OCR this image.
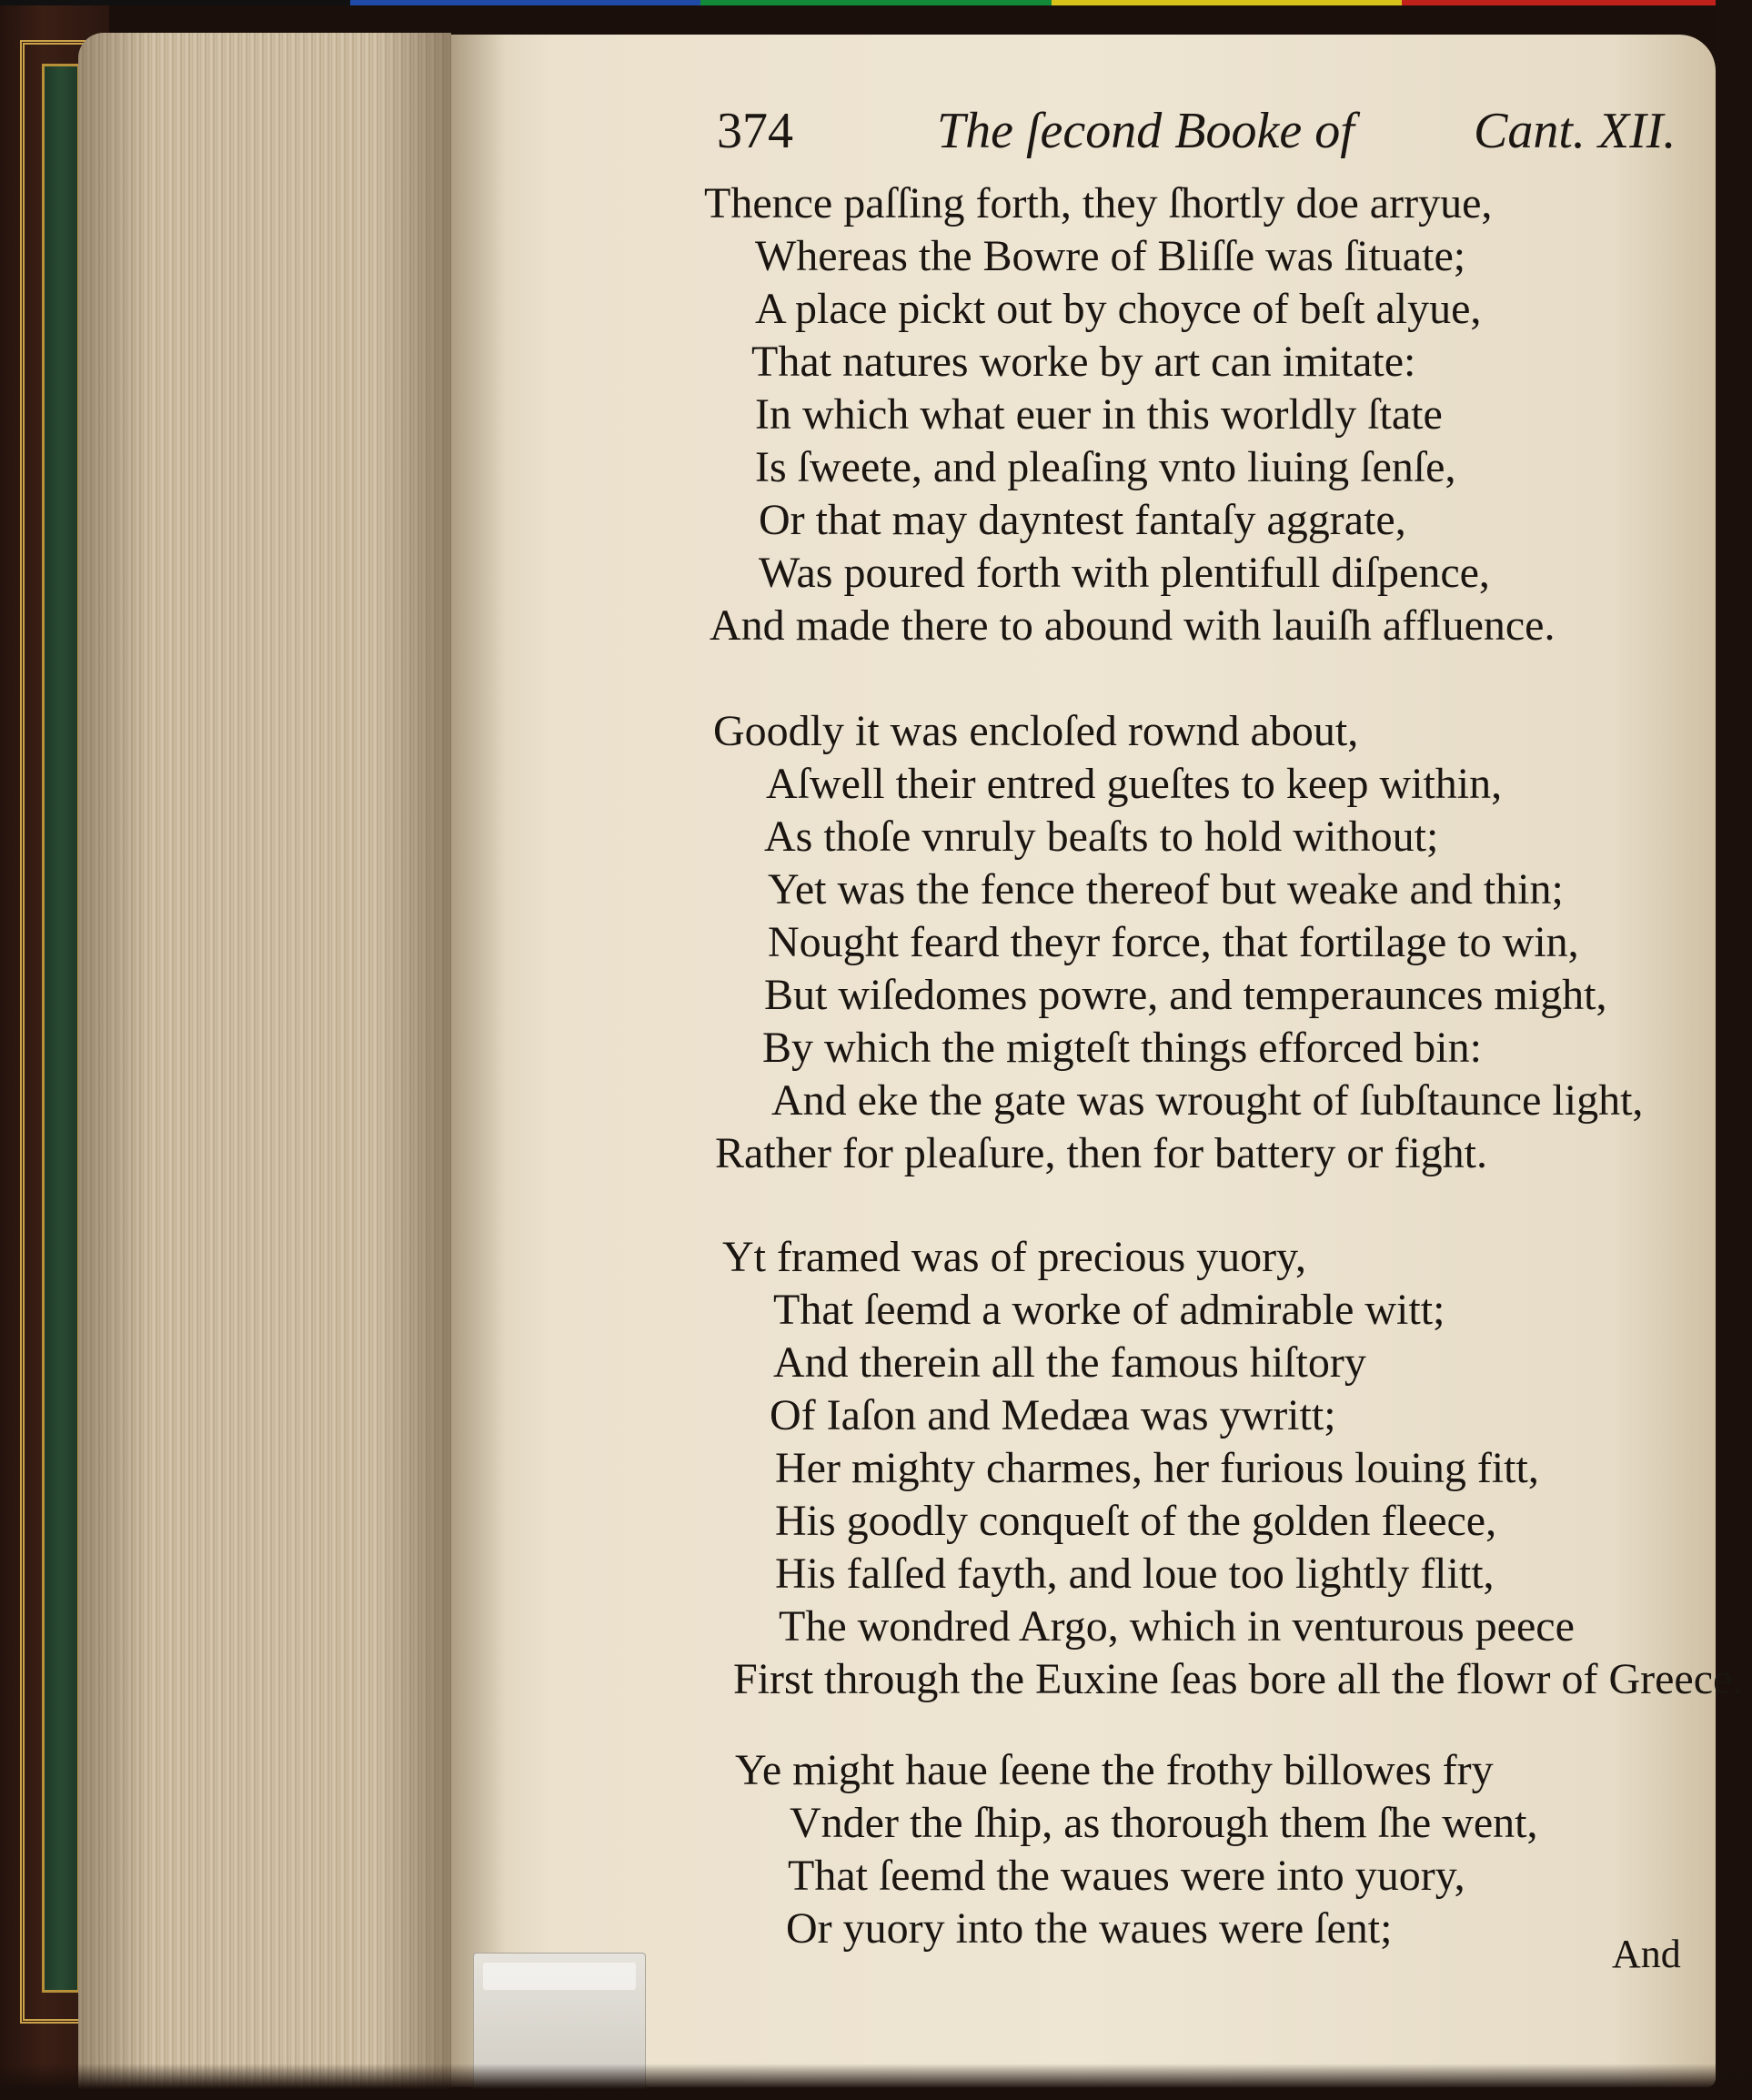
374	The ſecond Booke of Cant. XII.
Thence paſſing forth, they ſhortly doe arryue,
Whereas the Bowre of Bliſſe was ſituate;
A place pickt out by choyce of beſt alyue,
That natures worke by art can imitate:
In which what euer in this worldly ſtate
Is ſweete, and pleaſing vnto liuing ſenſe,
Or that may dayntest fantaſy aggrate,
Was poured forth with plentifull diſpence,
And made there to abound with lauiſh affluence.
Goodly it was encloſed rownd about,
Aſwell their entred gueſtes to keep within,
As thoſe vnruly beaſts to hold without;
Yet was the fence thereof but weake and thin;
Nought feard theyr force, that fortilage to win,
But wiſedomes powre, and temperaunces might,
By which the migteſt things efforced bin:
And eke the gate was wrought of ſubſtaunce light,
Rather for pleaſure, then for battery or fight.
Yt framed was of precious yuory,
That ſeemd a worke of admirable witt;
And therein all the famous hiſtory
Of Iaſon and Medæa was ywritt;
Her mighty charmes, her furious louing fitt,
His goodly conqueſt of the golden fleece,
His falſed fayth, and loue too lightly flitt,
The wondred Argo, which in venturous peece
First through the Euxine ſeas bore all the flowr of Greece.
Ye might haue ſeene the frothy billowes fry
Vnder the ſhip, as thorough them ſhe went,
That ſeemd the waues were into yuory,
Or yuory into the waues were ſent;
And
